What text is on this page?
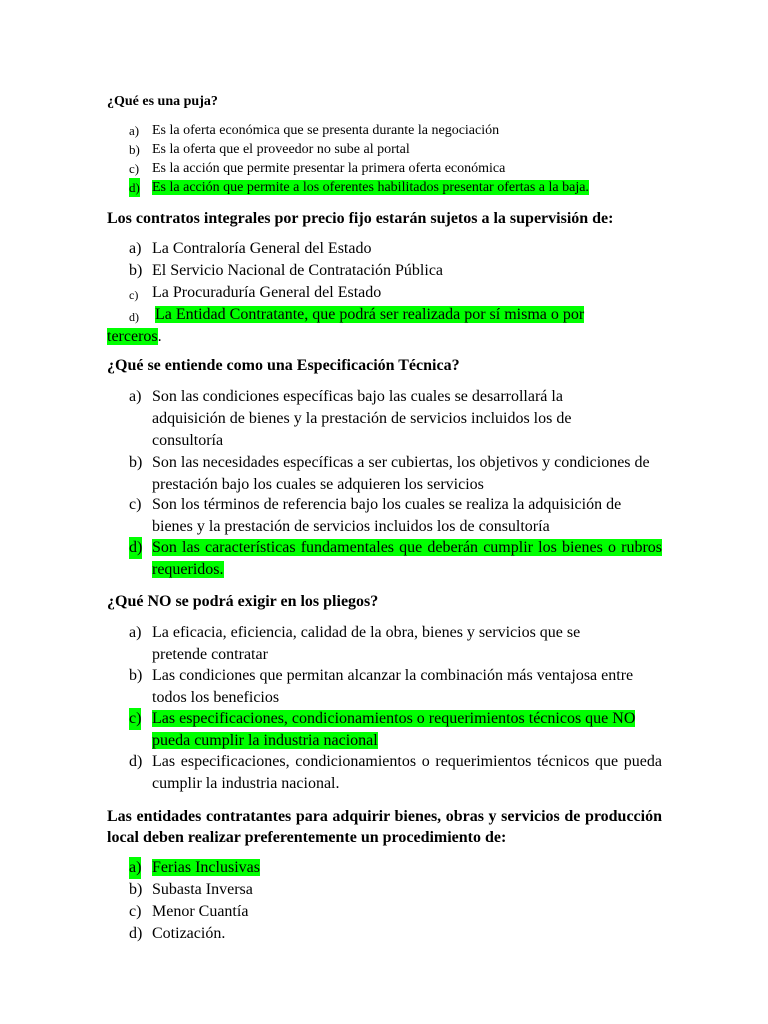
¿Qué es una puja?
a) Es la oferta económica que se presenta durante la negociación
b) Es la oferta que el proveedor no sube al portal
c) Es la acción que permite presentar la primera oferta económica
d) Es la acción que permite a los oferentes habilitados presentar ofertas a la baja.
Los contratos integrales por precio fijo estarán sujetos a la supervisión de:
a) La Contraloría General del Estado
b) El Servicio Nacional de Contratación Pública
c) La Procuraduría General del Estado
d)	La Entidad Contratante, que podrá ser realizada por sí misma o por terceros.
¿Qué se entiende como una Especificación Técnica?
a) Son las condiciones específicas bajo las cuales se desarrollará la adquisición de bienes y la prestación de servicios incluidos los de consultoría
b) Son las necesidades específicas a ser cubiertas, los objetivos y condiciones de prestación bajo los cuales se adquieren los servicios
c) Son los términos de referencia bajo los cuales se realiza la adquisición de bienes y la prestación de servicios incluidos los de consultoría
d) Son las características fundamentales que deberán cumplir los bienes o rubros requeridos.
¿Qué NO se podrá exigir en los pliegos?
a) La eficacia, eficiencia, calidad de la obra, bienes y servicios que se pretende contratar
b) Las condiciones que permitan alcanzar la combinación más ventajosa entre todos los beneficios
c) Las especificaciones, condicionamientos o requerimientos técnicos que NO pueda cumplir la industria nacional
d) Las especificaciones, condicionamientos o requerimientos técnicos que pueda cumplir la industria nacional.
Las entidades contratantes para adquirir bienes, obras y servicios de producción local deben realizar preferentemente un procedimiento de:
a) Ferias Inclusivas
b) Subasta Inversa
c) Menor Cuantía
d) Cotización.
